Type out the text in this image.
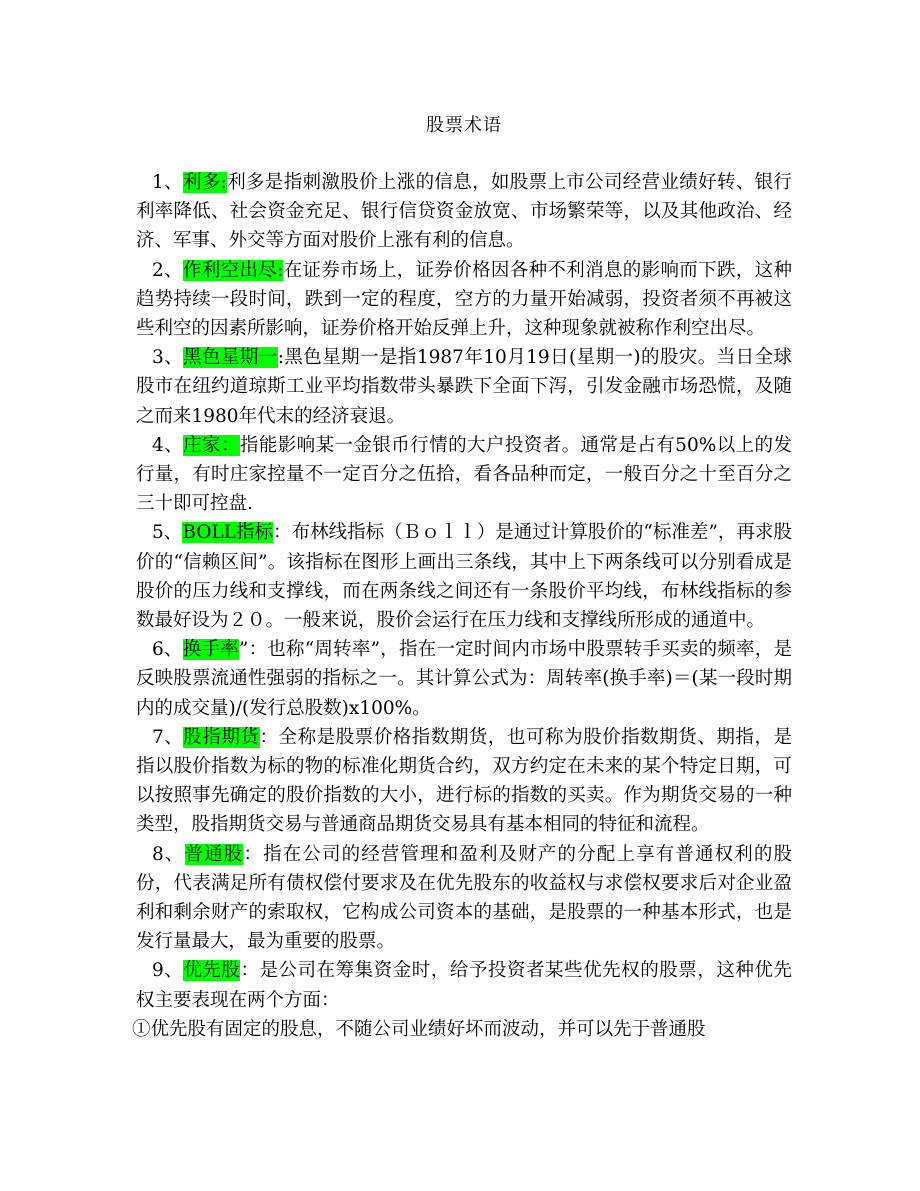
股票术语

1、利多:利多是指刺激股价上涨的信息，如股票上市公司经营业绩好转、银行利率降低、社会资金充足、银行信贷资金放宽、市场繁荣等，以及其他政治、经济、军事、外交等方面对股价上涨有利的信息。

2、作利空出尽:在证券市场上，证券价格因各种不利消息的影响而下跌，这种趋势持续一段时间，跌到一定的程度，空方的力量开始减弱，投资者须不再被这些利空的因素所影响，证券价格开始反弹上升，这种现象就被称作利空出尽。

3、黑色星期一:黑色星期一是指1987年10月19日(星期一)的股灾。当日全球股市在纽约道琼斯工业平均指数带头暴跌下全面下泻，引发金融市场恐慌，及随之而来1980年代末的经济衰退。

4、庄家：指能影响某一金银币行情的大户投资者。通常是占有50%以上的发行量，有时庄家控量不一定百分之伍拾，看各品种而定，一般百分之十至百分之三十即可控盘.

5、BOLL指标：布林线指标（Ｂｏｌｌ）是通过计算股价的“标准差”，再求股价的“信赖区间”。该指标在图形上画出三条线，其中上下两条线可以分别看成是股价的压力线和支撑线，而在两条线之间还有一条股价平均线，布林线指标的参数最好设为２０。一般来说，股价会运行在压力线和支撑线所形成的通道中。

6、换手率”：也称“周转率”，指在一定时间内市场中股票转手买卖的频率，是反映股票流通性强弱的指标之一。其计算公式为：周转率(换手率)＝(某一段时期内的成交量)/(发行总股数)x100%。

7、股指期货：全称是股票价格指数期货，也可称为股价指数期货、期指，是指以股价指数为标的物的标准化期货合约，双方约定在未来的某个特定日期，可以按照事先确定的股价指数的大小，进行标的指数的买卖。作为期货交易的一种类型，股指期货交易与普通商品期货交易具有基本相同的特征和流程。

8、普通股：指在公司的经营管理和盈利及财产的分配上享有普通权利的股份，代表满足所有债权偿付要求及在优先股东的收益权与求偿权要求后对企业盈利和剩余财产的索取权，它构成公司资本的基础，是股票的一种基本形式，也是发行量最大，最为重要的股票。

9、优先股：是公司在筹集资金时，给予投资者某些优先权的股票，这种优先权主要表现在两个方面：

①优先股有固定的股息，不随公司业绩好坏而波动，并可以先于普通股
